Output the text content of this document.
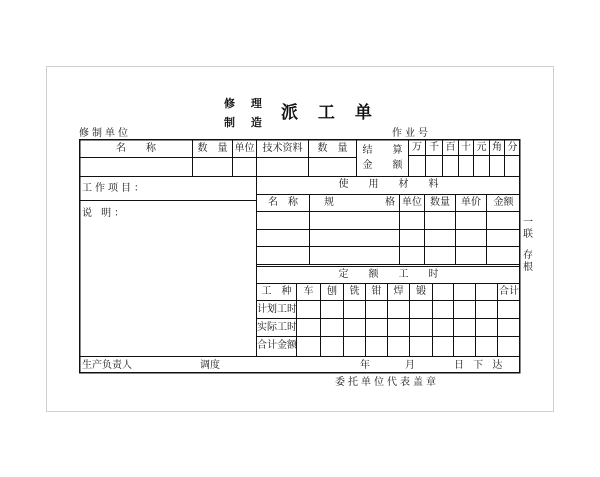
修 理
制 造 派 工 单
修制单位	作业号
名　　称	数　量 单位 技术资料	数　量	结　　算
金　　额
万 千 百 十 元 角 分
工作项目：
说 明：
使　　用　　材　　料
名　称	规	格 单位 数量	单价	金额
定　　额　　工　　时
工　种	车	刨	铣	钳	焊	锻	合计
计划工时
实际工时
合计金额
生产负责人	调度	年	月	日 下 达
委托单位代表盖章
一联
存根
